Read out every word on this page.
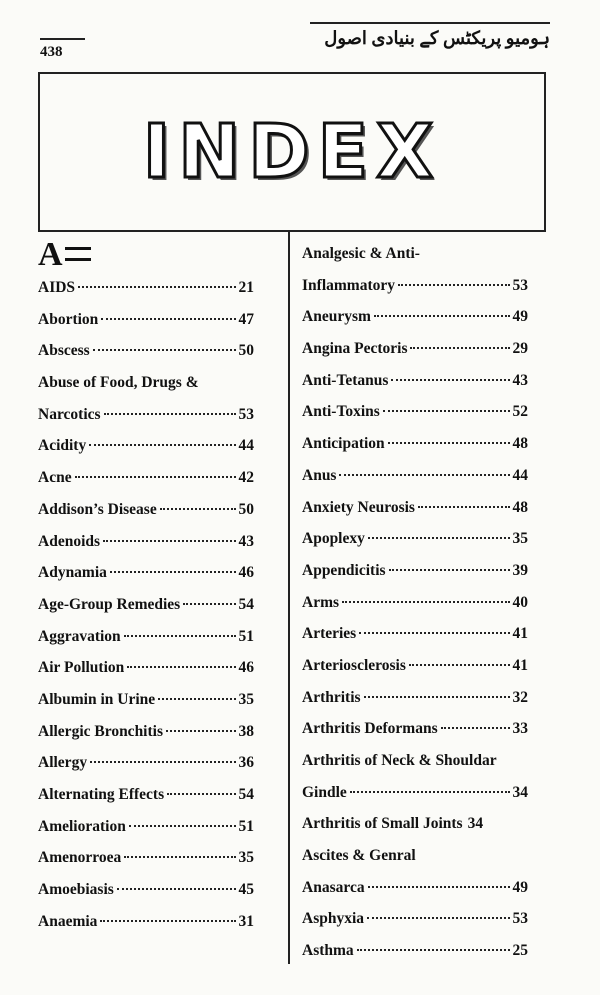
438
ہومیو پریکٹس کے بنیادی اصول
INDEX
A
AIDS	21
Abortion	47
Abscess	50
Abuse of Food, Drugs &
Narcotics	53
Acidity	44
Acne	42
Addison’s Disease	50
Adenoids	43
Adynamia	46
Age-Group Remedies	54
Aggravation	51
Air Pollution	46
Albumin in Urine	35
Allergic Bronchitis	38
Allergy	36
Alternating Effects	54
Amelioration	51
Amenorroea	35
Amoebiasis	45
Anaemia	31
Analgesic & Anti-
Inflammatory	53
Aneurysm	49
Angina Pectoris	29
Anti-Tetanus	43
Anti-Toxins	52
Anticipation	48
Anus	44
Anxiety Neurosis	48
Apoplexy	35
Appendicitis	39
Arms	40
Arteries	41
Arteriosclerosis	41
Arthritis	32
Arthritis Deformans	33
Arthritis of Neck & Shouldar
Gindle	34
Arthritis of Small Joints 34
Ascites & Genral
Anasarca	49
Asphyxia	53
Asthma	25
